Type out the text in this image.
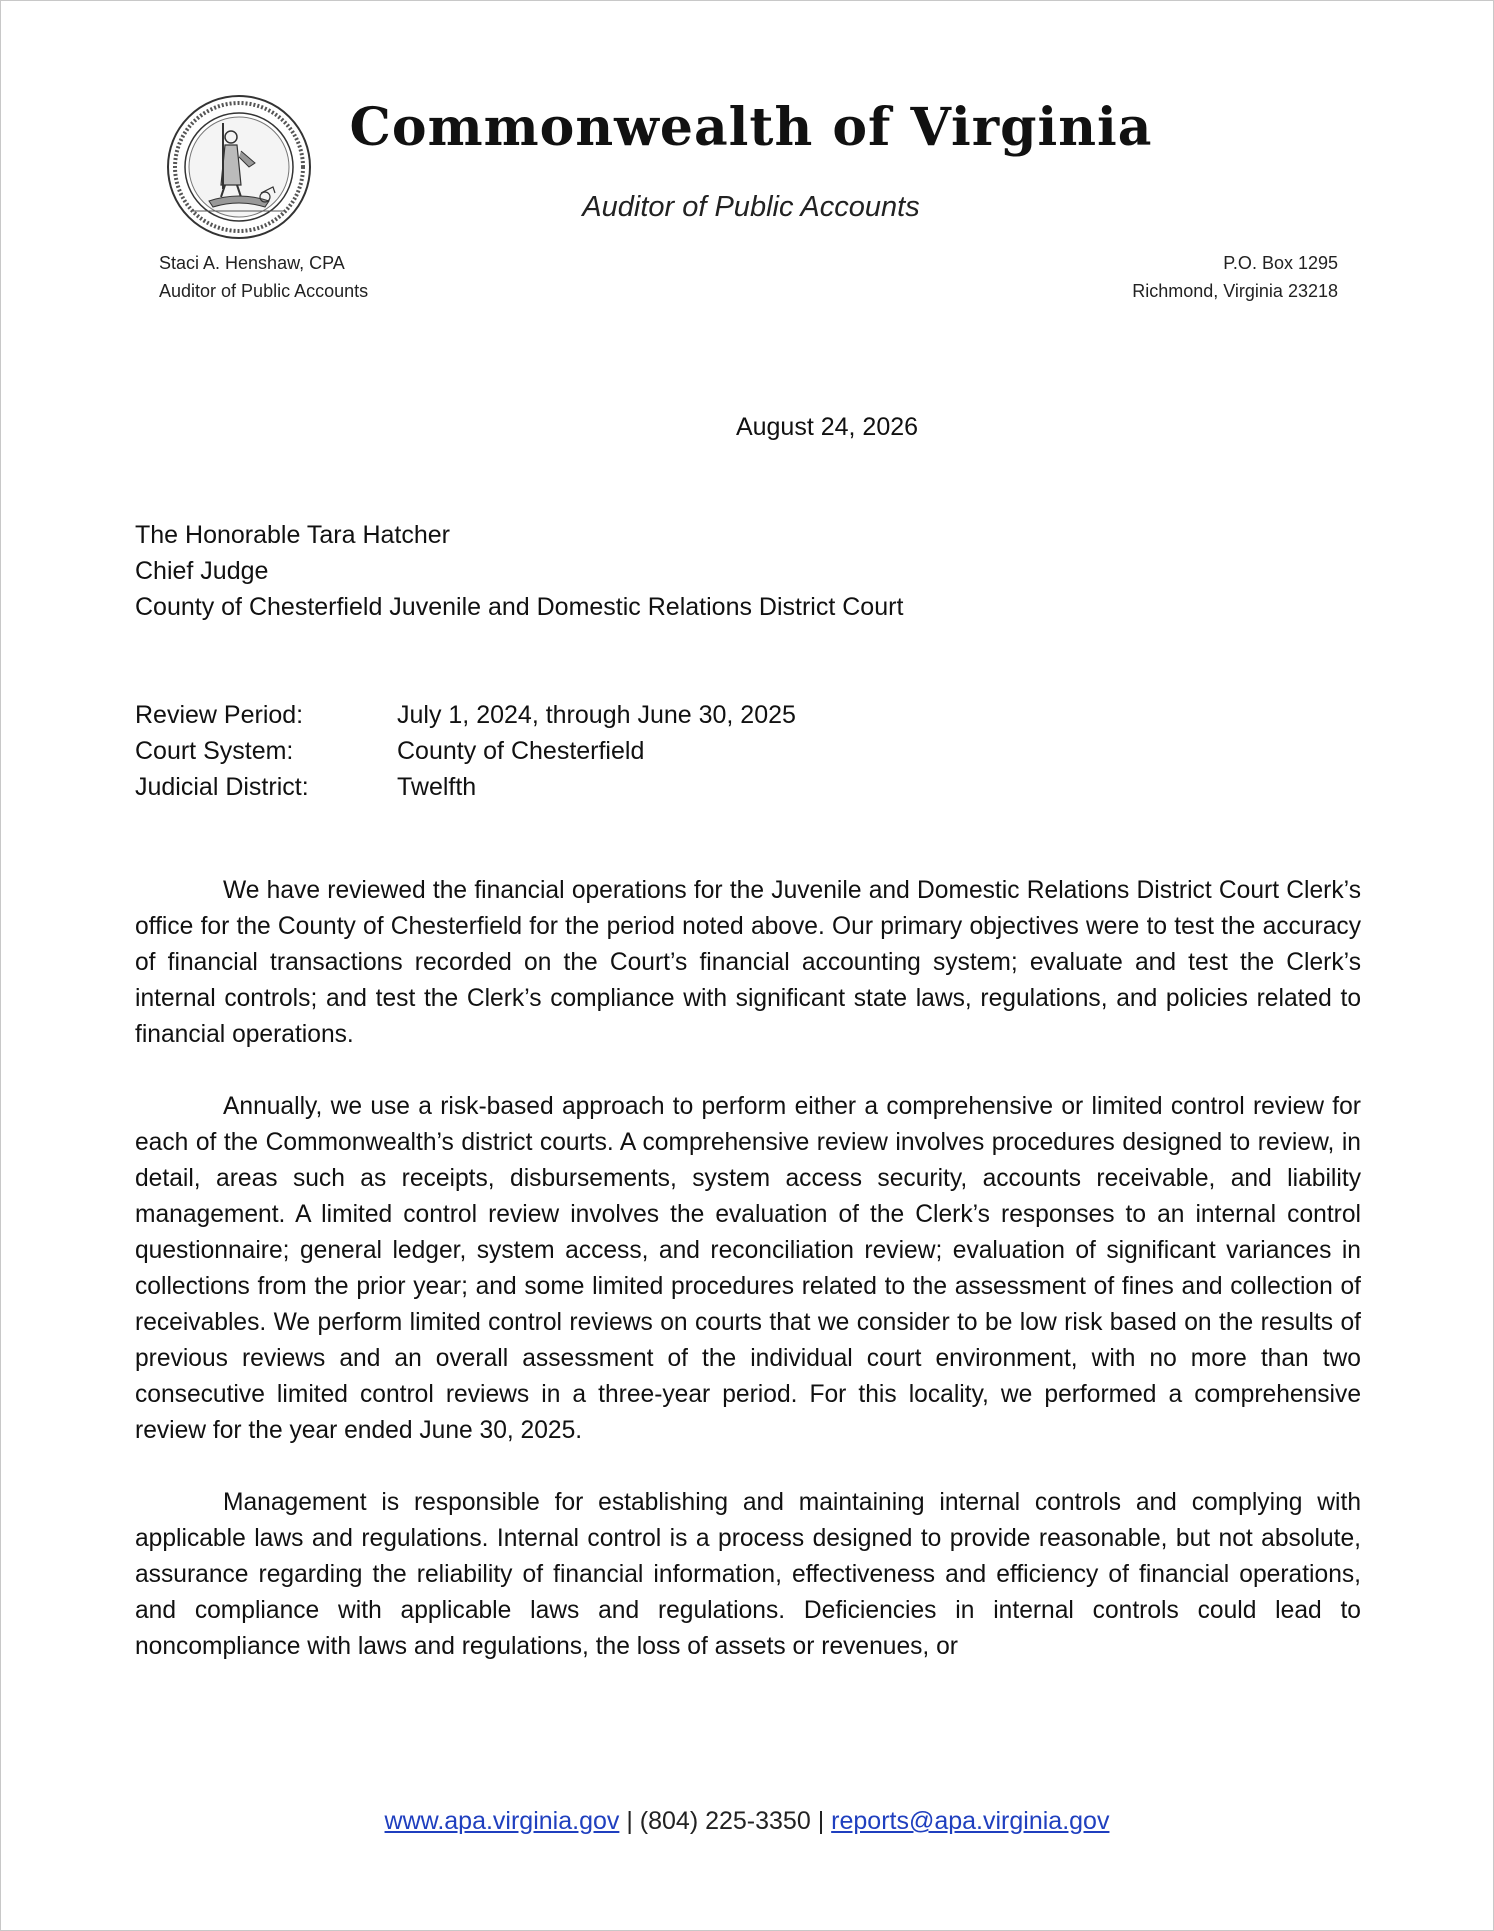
Commonwealth of Virginia
Auditor of Public Accounts
Staci A. Henshaw, CPA
Auditor of Public Accounts
P.O. Box 1295
Richmond, Virginia 23218
August 24, 2026
The Honorable Tara Hatcher
Chief Judge
County of Chesterfield Juvenile and Domestic Relations District Court
Review Period:	July 1, 2024, through June 30, 2025
Court System:	County of Chesterfield
Judicial District:	Twelfth

We have reviewed the financial operations for the Juvenile and Domestic Relations District Court Clerk’s office for the County of Chesterfield for the period noted above. Our primary objectives were to test the accuracy of financial transactions recorded on the Court’s financial accounting system; evaluate and test the Clerk’s internal controls; and test the Clerk’s compliance with significant state laws, regulations, and policies related to financial operations.

Annually, we use a risk-based approach to perform either a comprehensive or limited control review for each of the Commonwealth’s district courts. A comprehensive review involves procedures designed to review, in detail, areas such as receipts, disbursements, system access security, accounts receivable, and liability management. A limited control review involves the evaluation of the Clerk’s responses to an internal control questionnaire; general ledger, system access, and reconciliation review; evaluation of significant variances in collections from the prior year; and some limited procedures related to the assessment of fines and collection of receivables. We perform limited control reviews on courts that we consider to be low risk based on the results of previous reviews and an overall assessment of the individual court environment, with no more than two consecutive limited control reviews in a three-year period. For this locality, we performed a comprehensive review for the year ended June 30, 2025.

Management is responsible for establishing and maintaining internal controls and complying with applicable laws and regulations. Internal control is a process designed to provide reasonable, but not absolute, assurance regarding the reliability of financial information, effectiveness and efficiency of financial operations, and compliance with applicable laws and regulations. Deficiencies in internal controls could lead to noncompliance with laws and regulations, the loss of assets or revenues, or

www.apa.virginia.gov | (804) 225-3350 | reports@apa.virginia.gov
